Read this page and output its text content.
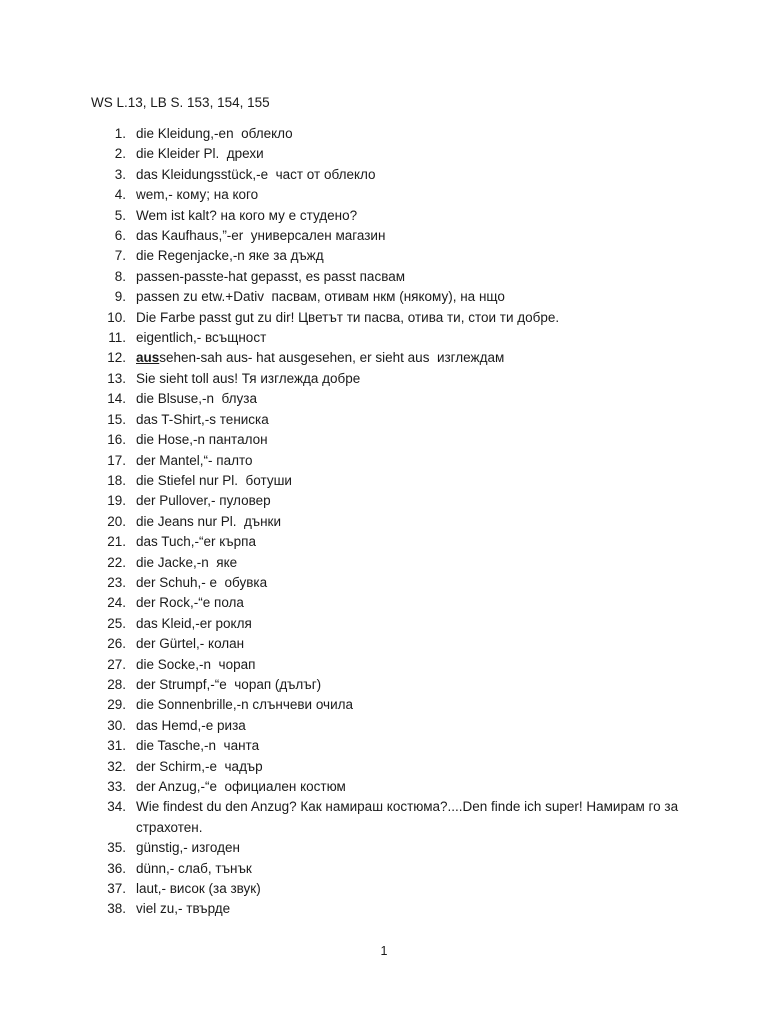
WS L.13, LB S. 153, 154, 155
1. die Kleidung,-en  облекло
2. die Kleider Pl.  дрехи
3. das Kleidungsstück,-e  част от облекло
4. wem,- кому; на кого
5. Wem ist kalt? на кого му е студено?
6. das Kaufhaus,”-er  универсален магазин
7. die Regenjacke,-n яке за дъжд
8. passen-passte-hat gepasst, es passt пасвам
9. passen zu etw.+Dativ  пасвам, отивам нкм (някому), на нщо
10. Die Farbe passt gut zu dir! Цветът ти пасва, отива ти, стои ти добре.
11. eigentlich,- всъщност
12. aussehen-sah aus- hat ausgesehen, er sieht aus  изглеждам
13. Sie sieht toll aus! Тя изглежда добре
14. die Blsuse,-n  блуза
15. das T-Shirt,-s тениска
16. die Hose,-n панталон
17. der Mantel,“- палто
18. die Stiefel nur Pl.  ботуши
19. der Pullover,- пуловер
20. die Jeans nur Pl.  дънки
21. das Tuch,-“er кърпа
22. die Jacke,-n  яке
23. der Schuh,- e  обувка
24. der Rock,-“e пола
25. das Kleid,-er рокля
26. der Gürtel,- колан
27. die Socke,-n  чорап
28. der Strumpf,-“e  чорап (дълъг)
29. die Sonnenbrille,-n слънчеви очила
30. das Hemd,-e риза
31. die Tasche,-n  чанта
32. der Schirm,-e  чадър
33. der Anzug,-“e  официален костюм
34. Wie findest du den Anzug? Как намираш костюма?....Den finde ich super! Намирам го за страхотен.
35. günstig,- изгоден
36. dünn,- слаб, тънък
37. laut,- висок (за звук)
38. viel zu,- твърде
1
